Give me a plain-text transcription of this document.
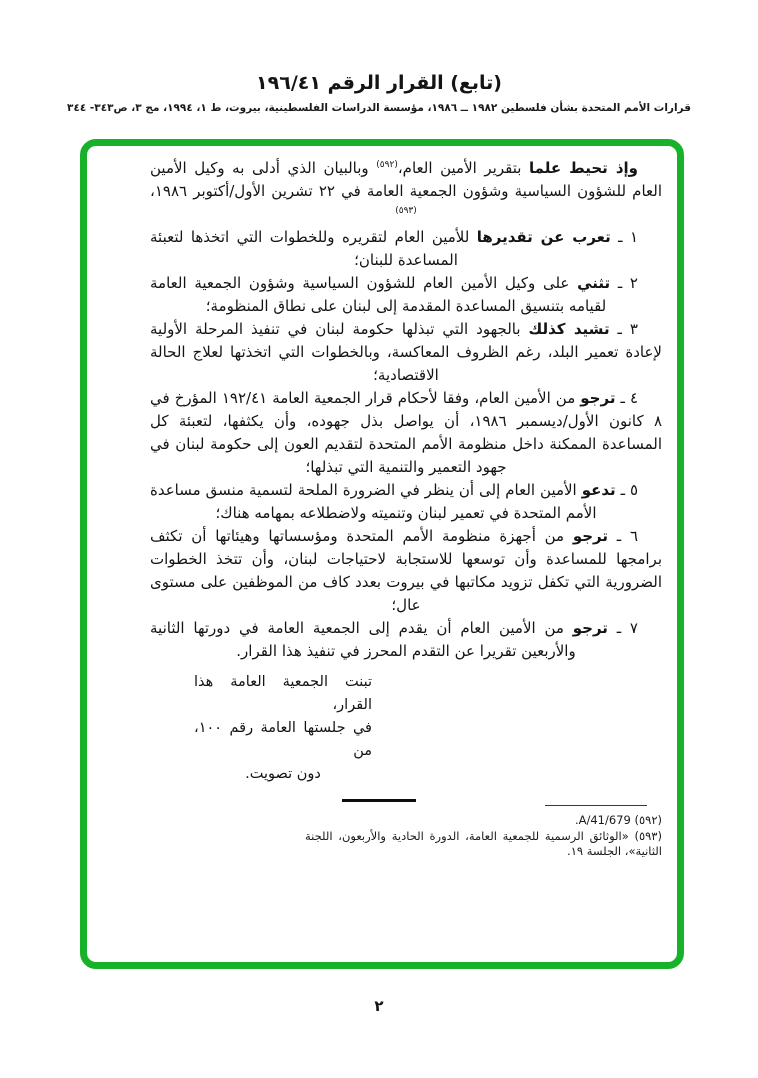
(تابع) القرار الرقم ١٩٦/٤١
قرارات الأمم المتحدة بشأن فلسطين ١٩٨٢ ــ ١٩٨٦، مؤسسة الدراسات الفلسطينية، بيروت، ط ١، ١٩٩٤، مج ٣، ص٣٤٣- ٣٤٤
وإذ تحيط علما بتقرير الأمين العام،$^{(٥٩٢)}$ وبالبيان الذي أدلى به وكيل الأمين العام للشؤون السياسية وشؤون الجمعية العامة في ٢٢ تشرين الأول/أكتوبر ١٩٨٦،$^{(٥٩٣)}$
١ ـ تعرب عن تقديرها للأمين العام لتقريره وللخطوات التي اتخذها لتعبئة المساعدة للبنان؛
٢ ـ تثني على وكيل الأمين العام للشؤون السياسية وشؤون الجمعية العامة لقيامه بتنسيق المساعدة المقدمة إلى لبنان على نطاق المنظومة؛
٣ ـ تشيد كذلك بالجهود التي تبذلها حكومة لبنان في تنفيذ المرحلة الأولية لإعادة تعمير البلد، رغم الظروف المعاكسة، وبالخطوات التي اتخذتها لعلاج الحالة الاقتصادية؛
٤ ـ ترجو من الأمين العام، وفقا لأحكام قرار الجمعية العامة ١٩٢/٤١ المؤرخ في ٨ كانون الأول/ديسمبر ١٩٨٦، أن يواصل بذل جهوده، وأن يكثفها، لتعبئة كل المساعدة الممكنة داخل منظومة الأمم المتحدة لتقديم العون إلى حكومة لبنان في جهود التعمير والتنمية التي تبذلها؛
٥ ـ تدعو الأمين العام إلى أن ينظر في الضرورة الملحة لتسمية منسق مساعدة الأمم المتحدة في تعمير لبنان وتنميته ولاضطلاعه بمهامه هناك؛
٦ ـ ترجو من أجهزة منظومة الأمم المتحدة ومؤسساتها وهيئاتها أن تكثف برامجها للمساعدة وأن توسعها للاستجابة لاحتياجات لبنان، وأن تتخذ الخطوات الضرورية التي تكفل تزويد مكاتبها في بيروت بعدد كاف من الموظفين على مستوى عال؛
٧ ـ ترجو من الأمين العام أن يقدم إلى الجمعية العامة في دورتها الثانية والأربعين تقريرا عن التقدم المحرز في تنفيذ هذا القرار.
تبنت الجمعية العامة هذا القرار،
في جلستها العامة رقم ١٠٠، من
دون تصويت.
(٥٩٢) A/41/679.
(٥٩٣) «الوثائق الرسمية للجمعية العامة، الدورة الحادية والأربعون، اللجنة الثانية»، الجلسة ١٩.
٢
